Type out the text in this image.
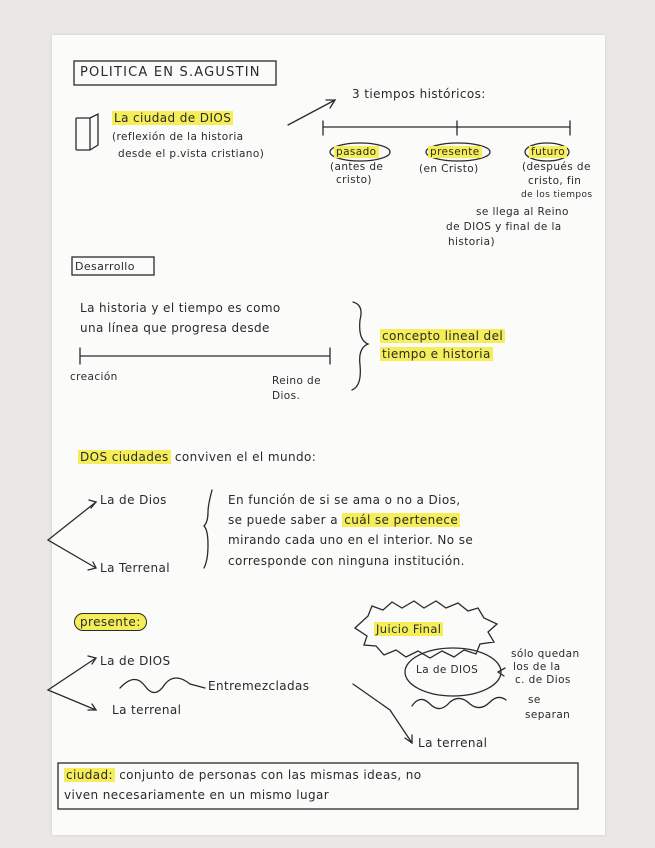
POLITICA EN S.AGUSTIN
La ciudad de DIOS
(reflexión de la historia
desde el p.vista cristiano)
3 tiempos históricos:
pasado
(antes de
cristo)
presente
(en Cristo)
futuro
(después de
cristo, fin
de los tiempos
se llega al Reino
de DIOS y final de la
historia)
Desarrollo
La historia y el tiempo es como
una línea que progresa desde
creación	Reino de
Dios.
concepto lineal del
tiempo e historia
DOS ciudades conviven el el mundo:
La de Dios
La Terrenal
En función de si se ama o no a Dios,
se puede saber a cuál se pertenece
mirando cada uno en el interior. No se
corresponde con ninguna institución.
presente:
La de DIOS
Entremezcladas
La terrenal
Juicio Final
La de DIOS
sólo quedan
los de la
c. de Dios
se
separan
La terrenal
ciudad: conjunto de personas con las mismas ideas, no
viven necesariamente en un mismo lugar
